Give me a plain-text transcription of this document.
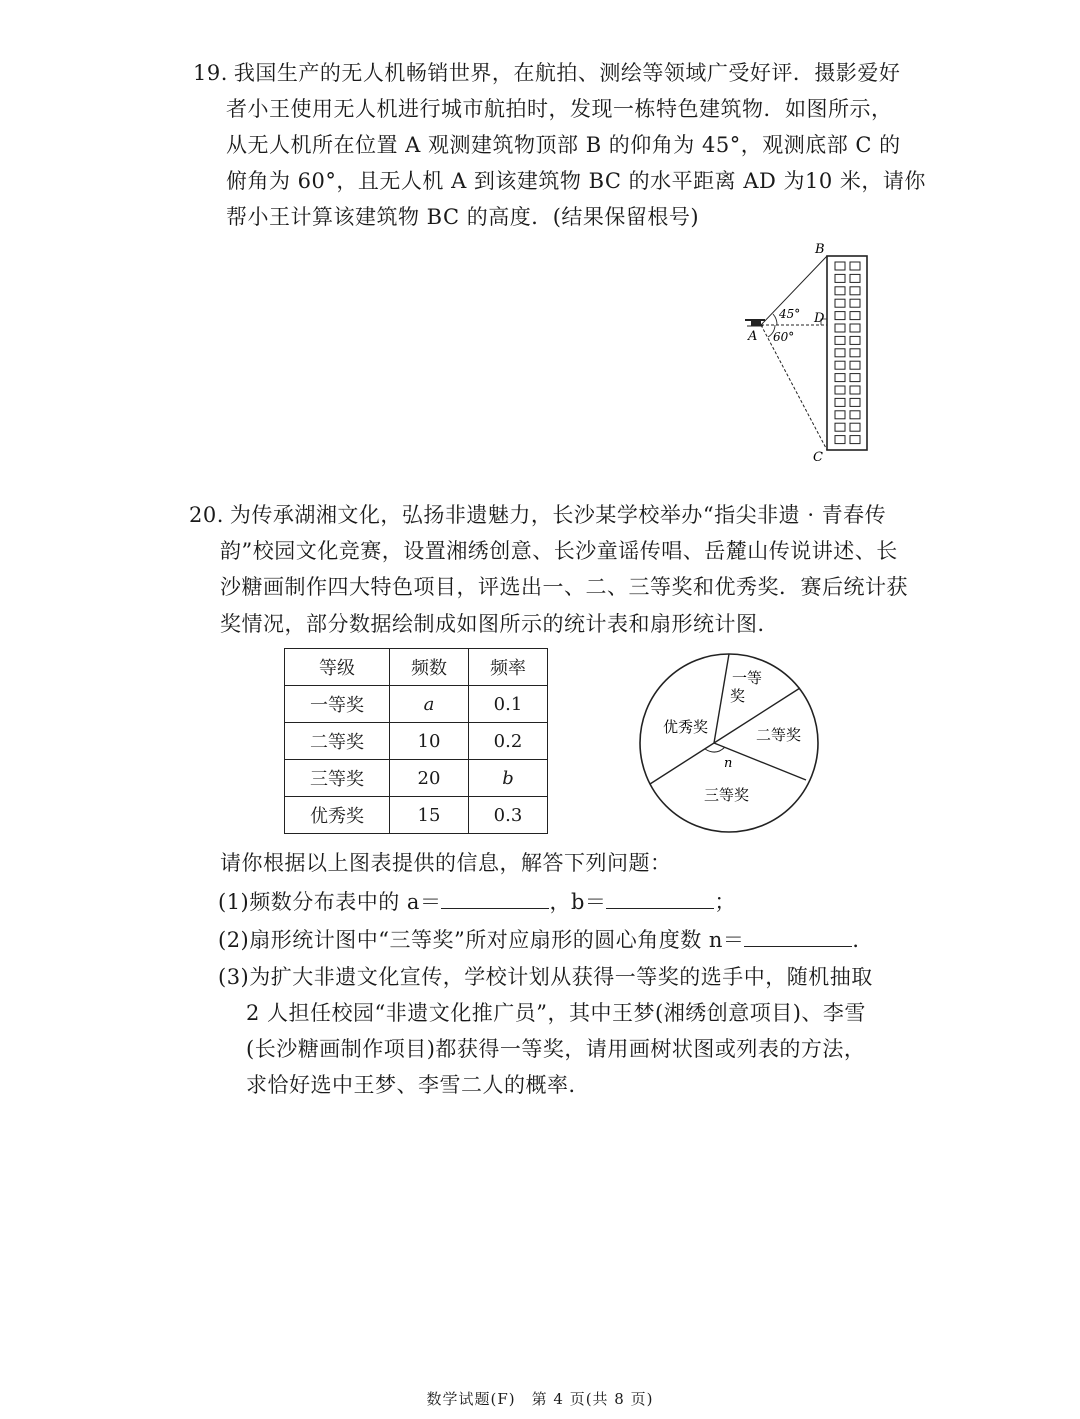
19. 我国生产的无人机畅销世界，在航拍、测绘等领域广受好评．摄影爱好
者小王使用无人机进行城市航拍时，发现一栋特色建筑物．如图所示，
从无人机所在位置 A 观测建筑物顶部 B 的仰角为 45°，观测底部 C 的
俯角为 60°，且无人机 A 到该建筑物 BC 的水平距离 AD 为10 米，请你
帮小王计算该建筑物 BC 的高度．(结果保留根号)
45°
60°
A
B
C
D
20. 为传承湖湘文化，弘扬非遗魅力，长沙某学校举办“指尖非遗 · 青春传
韵”校园文化竞赛，设置湘绣创意、长沙童谣传唱、岳麓山传说讲述、长
沙糖画制作四大特色项目，评选出一、二、三等奖和优秀奖．赛后统计获
奖情况，部分数据绘制成如图所示的统计表和扇形统计图．
等级	频数	频率
一等奖	a	0.1
二等奖	10	0.2
三等奖	20	b
优秀奖	15	0.3
一等
奖
二等奖
三等奖
优秀奖
n
请你根据以上图表提供的信息，解答下列问题：
(1)频数分布表中的 a＝	，b＝	；
(2)扇形统计图中“三等奖”所对应扇形的圆心角度数 n＝	．
(3)为扩大非遗文化宣传，学校计划从获得一等奖的选手中，随机抽取
2 人担任校园“非遗文化推广员”，其中王梦(湘绣创意项目)、李雪
(长沙糖画制作项目)都获得一等奖，请用画树状图或列表的方法，
求恰好选中王梦、李雪二人的概率．
数学试题(F)　第 4 页(共 8 页)
